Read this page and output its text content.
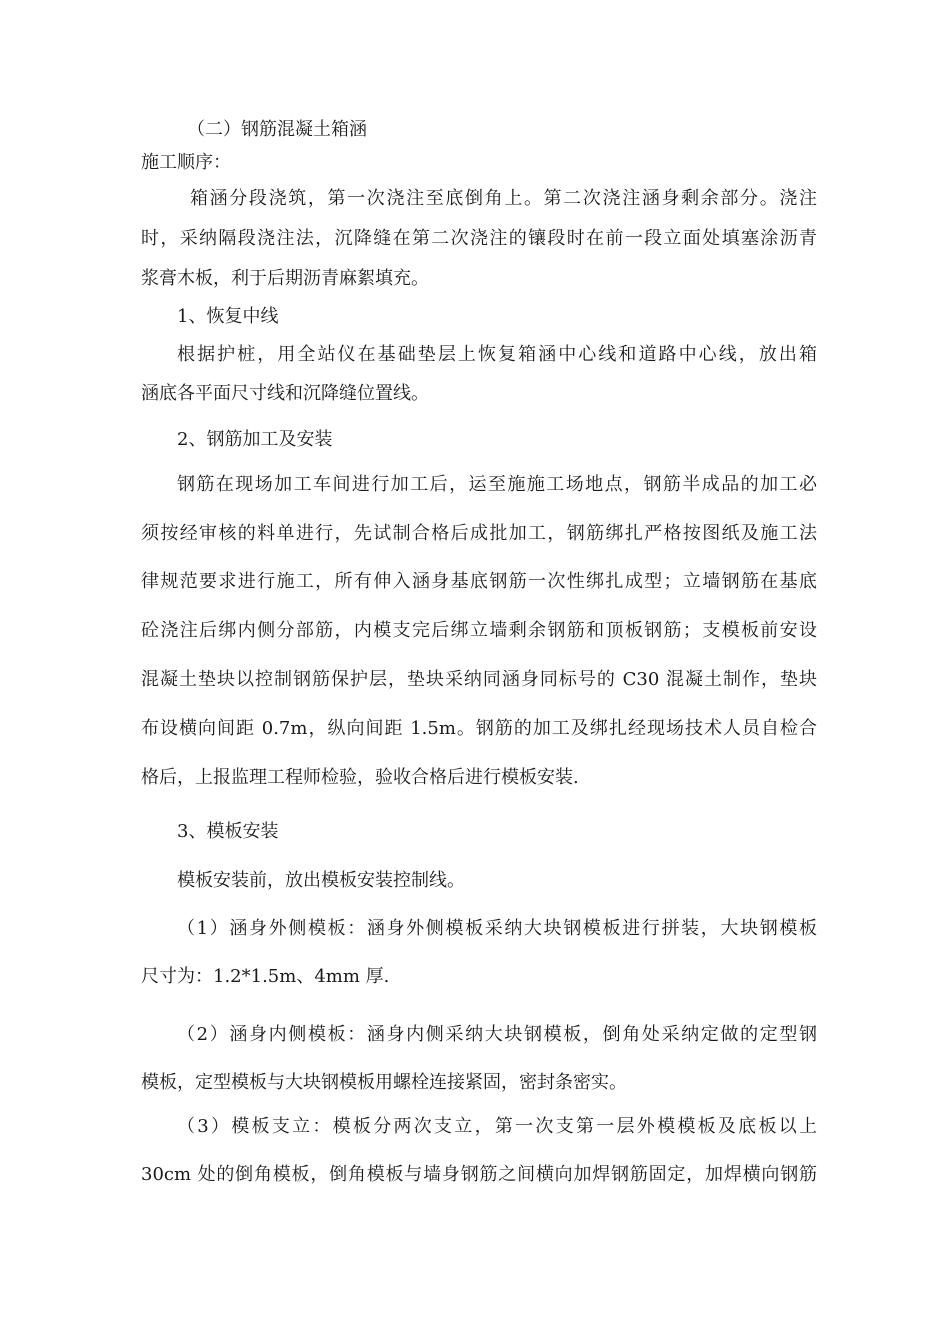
（二）钢筋混凝土箱涵
施工顺序：
箱涵分段浇筑，第一次浇注至底倒角上。第二次浇注涵身剩余部分。浇注
时，采纳隔段浇注法，沉降缝在第二次浇注的镶段时在前一段立面处填塞涂沥青
浆膏木板，利于后期沥青麻絮填充。
1、恢复中线
根据护桩，用全站仪在基础垫层上恢复箱涵中心线和道路中心线，放出箱
涵底各平面尺寸线和沉降缝位置线。
2、钢筋加工及安装
钢筋在现场加工车间进行加工后，运至施施工场地点，钢筋半成品的加工必
须按经审核的料单进行，先试制合格后成批加工，钢筋绑扎严格按图纸及施工法
律规范要求进行施工，所有伸入涵身基底钢筋一次性绑扎成型；立墙钢筋在基底
砼浇注后绑内侧分部筋，内模支完后绑立墙剩余钢筋和顶板钢筋；支模板前安设
混凝土垫块以控制钢筋保护层，垫块采纳同涵身同标号的 C30 混凝土制作，垫块
布设横向间距 0.7m，纵向间距 1.5m。钢筋的加工及绑扎经现场技术人员自检合
格后，上报监理工程师检验，验收合格后进行模板安装.
3、模板安装
模板安装前，放出模板安装控制线。
（1）涵身外侧模板：涵身外侧模板采纳大块钢模板进行拼装，大块钢模板
尺寸为：1.2*1.5m、4mm 厚.
（2）涵身内侧模板：涵身内侧采纳大块钢模板，倒角处采纳定做的定型钢
模板，定型模板与大块钢模板用螺栓连接紧固，密封条密实。
（3）模板支立：模板分两次支立，第一次支第一层外模模板及底板以上
30cm 处的倒角模板，倒角模板与墙身钢筋之间横向加焊钢筋固定，加焊横向钢筋
